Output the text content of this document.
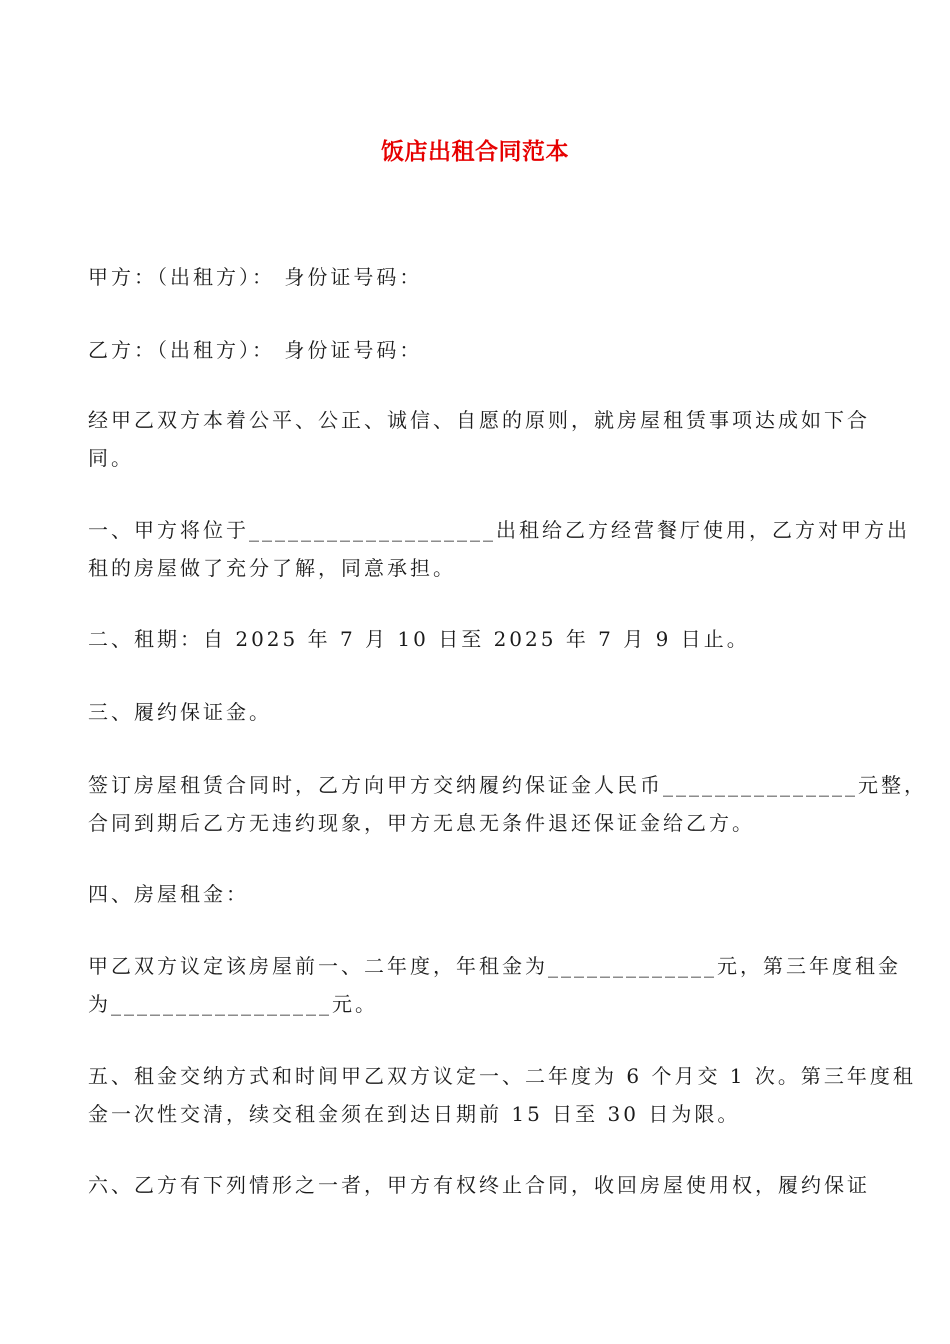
饭店出租合同范本

甲方：（出租方）： 身份证号码：

乙方：（出租方）： 身份证号码：

经甲乙双方本着公平、公正、诚信、自愿的原则，就房屋租赁事项达成如下合
同。

一、甲方将位于___________________出租给乙方经营餐厅使用，乙方对甲方出
租的房屋做了充分了解，同意承担。

二、租期：自 2025 年 7 月 10 日至 2025 年 7 月 9 日止。

三、履约保证金。

签订房屋租赁合同时，乙方向甲方交纳履约保证金人民币_______________元整，
合同到期后乙方无违约现象，甲方无息无条件退还保证金给乙方。

四、房屋租金：

甲乙双方议定该房屋前一、二年度，年租金为_____________元，第三年度租金
为_________________元。

五、租金交纳方式和时间甲乙双方议定一、二年度为 6 个月交 1 次。第三年度租
金一次性交清，续交租金须在到达日期前 15 日至 30 日为限。

六、乙方有下列情形之一者，甲方有权终止合同，收回房屋使用权，履约保证
